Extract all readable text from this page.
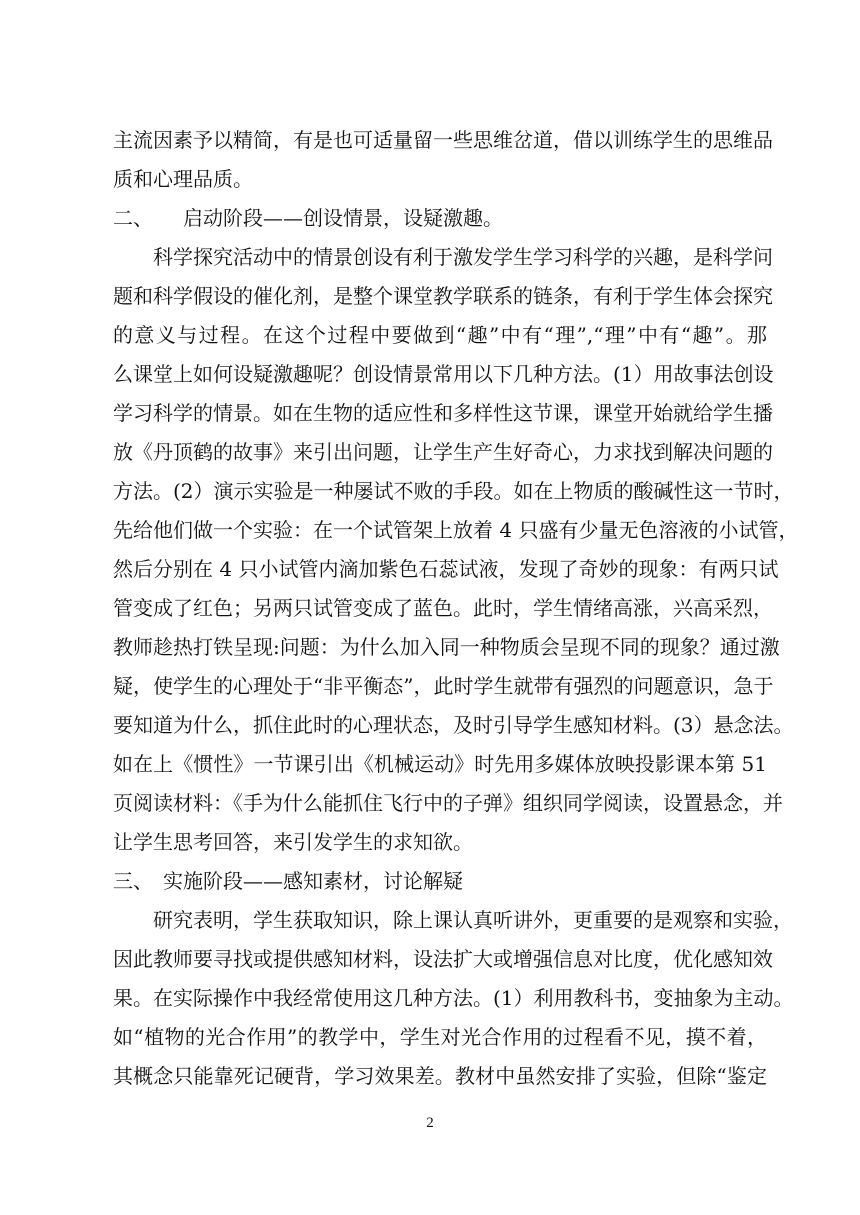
主流因素予以精简，有是也可适量留一些思维岔道，借以训练学生的思维品
质和心理品质。
二、　　启动阶段——创设情景，设疑激趣。
科学探究活动中的情景创设有利于激发学生学习科学的兴趣，是科学问
题和科学假设的催化剂，是整个课堂教学联系的链条，有利于学生体会探究
的意义与过程。在这个过程中要做到“趣”中有“理”,“理”中有“趣”。那
么课堂上如何设疑激趣呢？创设情景常用以下几种方法。(1）用故事法创设
学习科学的情景。如在生物的适应性和多样性这节课，课堂开始就给学生播
放《丹顶鹤的故事》来引出问题，让学生产生好奇心，力求找到解决问题的
方法。(2）演示实验是一种屡试不败的手段。如在上物质的酸碱性这一节时，
先给他们做一个实验：在一个试管架上放着 4 只盛有少量无色溶液的小试管，
然后分别在 4 只小试管内滴加紫色石蕊试液，发现了奇妙的现象：有两只试
管变成了红色；另两只试管变成了蓝色。此时，学生情绪高涨，兴高采烈，
教师趁热打铁呈现:问题：为什么加入同一种物质会呈现不同的现象？通过激
疑，使学生的心理处于“非平衡态”，此时学生就带有强烈的问题意识，急于
要知道为什么，抓住此时的心理状态，及时引导学生感知材料。(3）悬念法。
如在上《惯性》一节课引出《机械运动》时先用多媒体放映投影课本第 51
页阅读材料：《手为什么能抓住飞行中的子弹》组织同学阅读，设置悬念，并
让学生思考回答，来引发学生的求知欲。
三、　实施阶段——感知素材，讨论解疑
研究表明，学生获取知识，除上课认真听讲外，更重要的是观察和实验，
因此教师要寻找或提供感知材料，设法扩大或增强信息对比度，优化感知效
果。在实际操作中我经常使用这几种方法。(1）利用教科书，变抽象为主动。
如“植物的光合作用”的教学中，学生对光合作用的过程看不见，摸不着，
其概念只能靠死记硬背，学习效果差。教材中虽然安排了实验，但除“鉴定
2
